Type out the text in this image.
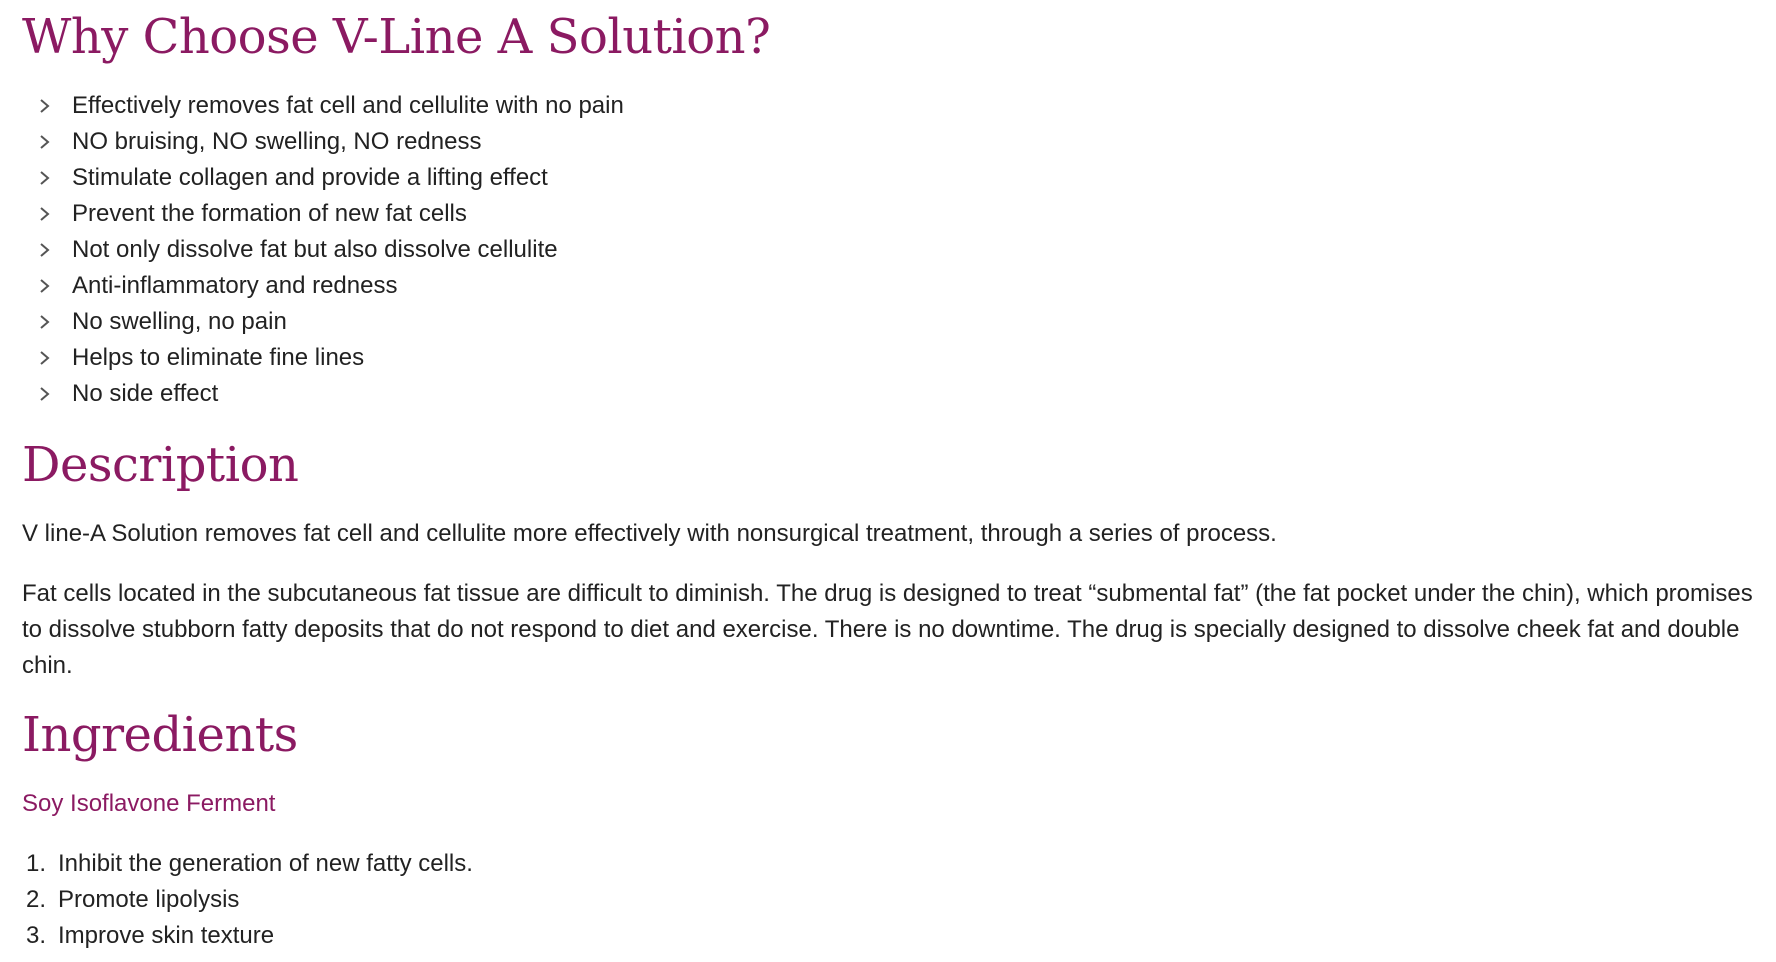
Why Choose V-Line A Solution?
Effectively removes fat cell and cellulite with no pain
NO bruising, NO swelling, NO redness
Stimulate collagen and provide a lifting effect
Prevent the formation of new fat cells
Not only dissolve fat but also dissolve cellulite
Anti-inflammatory and redness
No swelling, no pain
Helps to eliminate fine lines
No side effect
Description

V line-A Solution removes fat cell and cellulite more effectively with nonsurgical treatment, through a series of process.

Fat cells located in the subcutaneous fat tissue are difficult to diminish. The drug is designed to treat “submental fat” (the fat pocket under the chin), which promises to dissolve stubborn fatty deposits that do not respond to diet and exercise. There is no downtime. The drug is specially designed to dissolve cheek fat and double chin.

Ingredients
Soy Isoflavone Ferment
1. Inhibit the generation of new fatty cells.
2. Promote lipolysis
3. Improve skin texture
